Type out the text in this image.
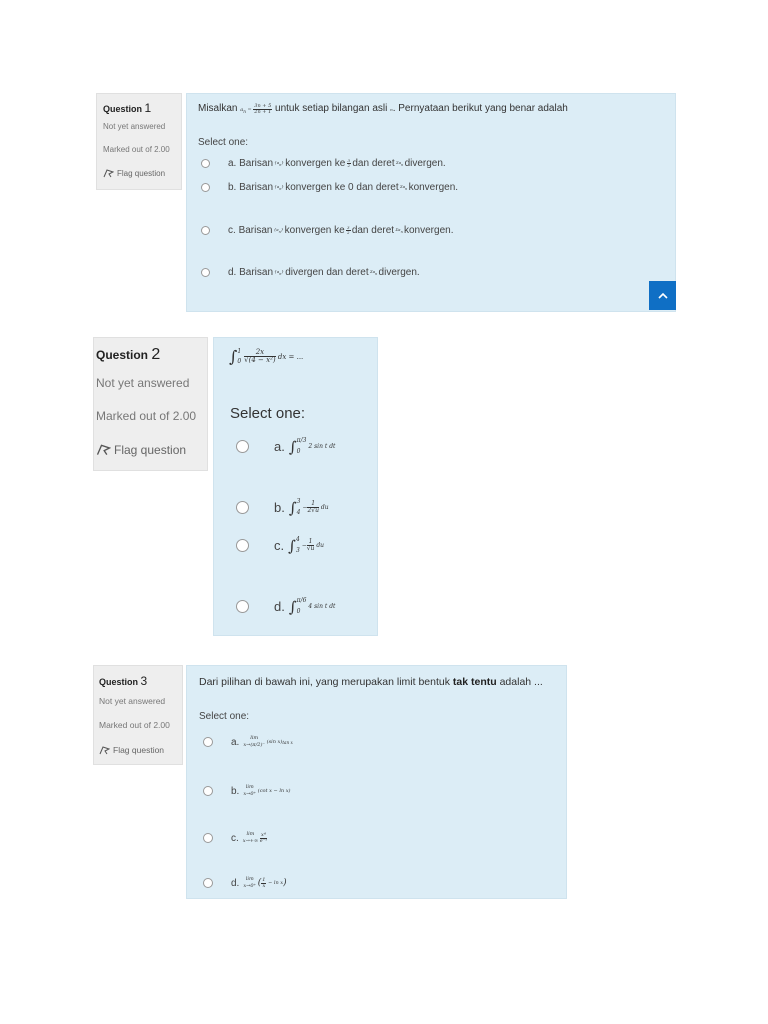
Question 1
Not yet answered
Marked out of 2.00
Flag question
Misalkan $a_n = \frac{3n + 5}{2n + 1}$ untuk setiap bilangan asli n. Pernyataan berikut yang benar adalah
Select one:
a.
Barisan $\{a_n\}$ konvergen ke
$\frac{3}{2}$
dan deret $\Sigma a_n$ divergen.
b.
Barisan $\{a_n\}$ konvergen ke 0 dan deret $\Sigma a_n$ konvergen.
c.
Barisan $\{a_n\}$ konvergen ke
$\frac{3}{2}$
dan deret $\Sigma a_n$ konvergen.
d.
Barisan $\{a_n\}$ divergen dan deret $\Sigma a_n$ divergen.
Question 2
Not yet answered
Marked out of 2.00
Flag question
∫ 1
$0 \frac{2x}{\text{√(4 − x²)}}$ dx = ...
Select one:
a. ∫ π/3
0
2 sin t dt
b. ∫ 3
4
− $\frac{1}{2√u}$ du
c. ∫ 4
3
− $\frac{1}{√u}$ du
d. ∫ π/6
0
4 sin t dt
Question 3
Not yet answered
Marked out of 2.00
Flag question
Dari pilihan di bawah ini, yang merupakan limit bentuk tak tentu adalah ...
Select one:
a.	lim
x→(π/2)⁻ (sin x) tan x
b.	lim
x→0⁺ (cot x − ln x)
c.	lim
x→+∞
$\frac{\text{x⁴}}{\text{e⁻ˣ}}$
d.	lim
x→0⁺
( $\frac{1}{x} - \ln x$ )
